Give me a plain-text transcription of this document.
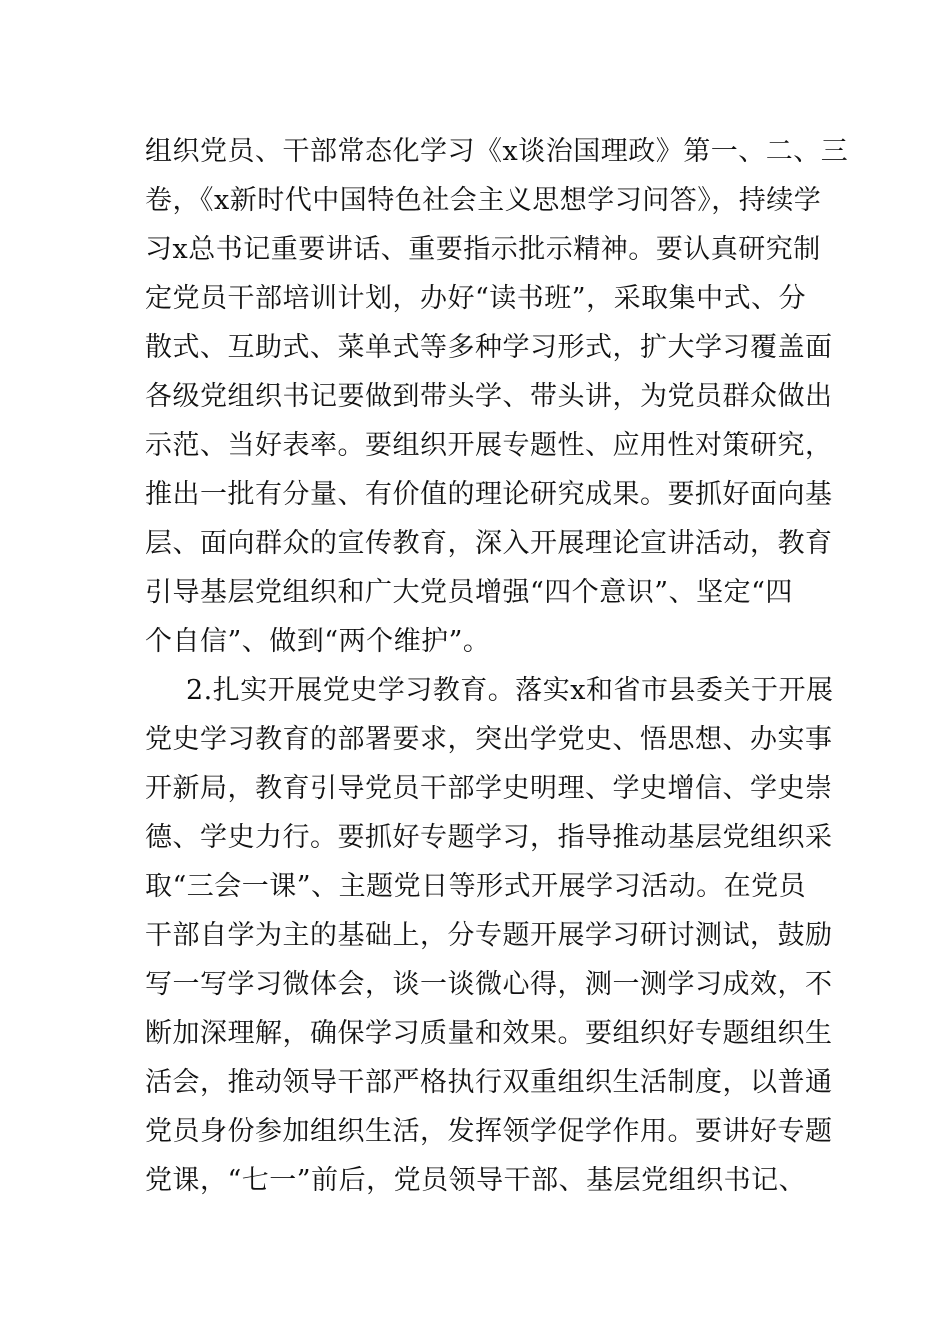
组织党员、干部常态化学习《x谈治国理政》第一、二、三
卷，《x新时代中国特色社会主义思想学习问答》，持续学
习x总书记重要讲话、重要指示批示精神。要认真研究制
定党员干部培训计划，办好“读书班”，采取集中式、分
散式、互助式、菜单式等多种学习形式，扩大学习覆盖面
各级党组织书记要做到带头学、带头讲，为党员群众做出
示范、当好表率。要组织开展专题性、应用性对策研究，
推出一批有分量、有价值的理论研究成果。要抓好面向基
层、面向群众的宣传教育，深入开展理论宣讲活动，教育
引导基层党组织和广大党员增强“四个意识”、坚定“四
个自信”、做到“两个维护”。
2.扎实开展党史学习教育。落实x和省市县委关于开展
党史学习教育的部署要求，突出学党史、悟思想、办实事
开新局，教育引导党员干部学史明理、学史增信、学史崇
德、学史力行。要抓好专题学习，指导推动基层党组织采
取“三会一课”、主题党日等形式开展学习活动。在党员
干部自学为主的基础上，分专题开展学习研讨测试，鼓励
写一写学习微体会，谈一谈微心得，测一测学习成效，不
断加深理解，确保学习质量和效果。要组织好专题组织生
活会，推动领导干部严格执行双重组织生活制度，以普通
党员身份参加组织生活，发挥领学促学作用。要讲好专题
党课，“七一”前后，党员领导干部、基层党组织书记、
